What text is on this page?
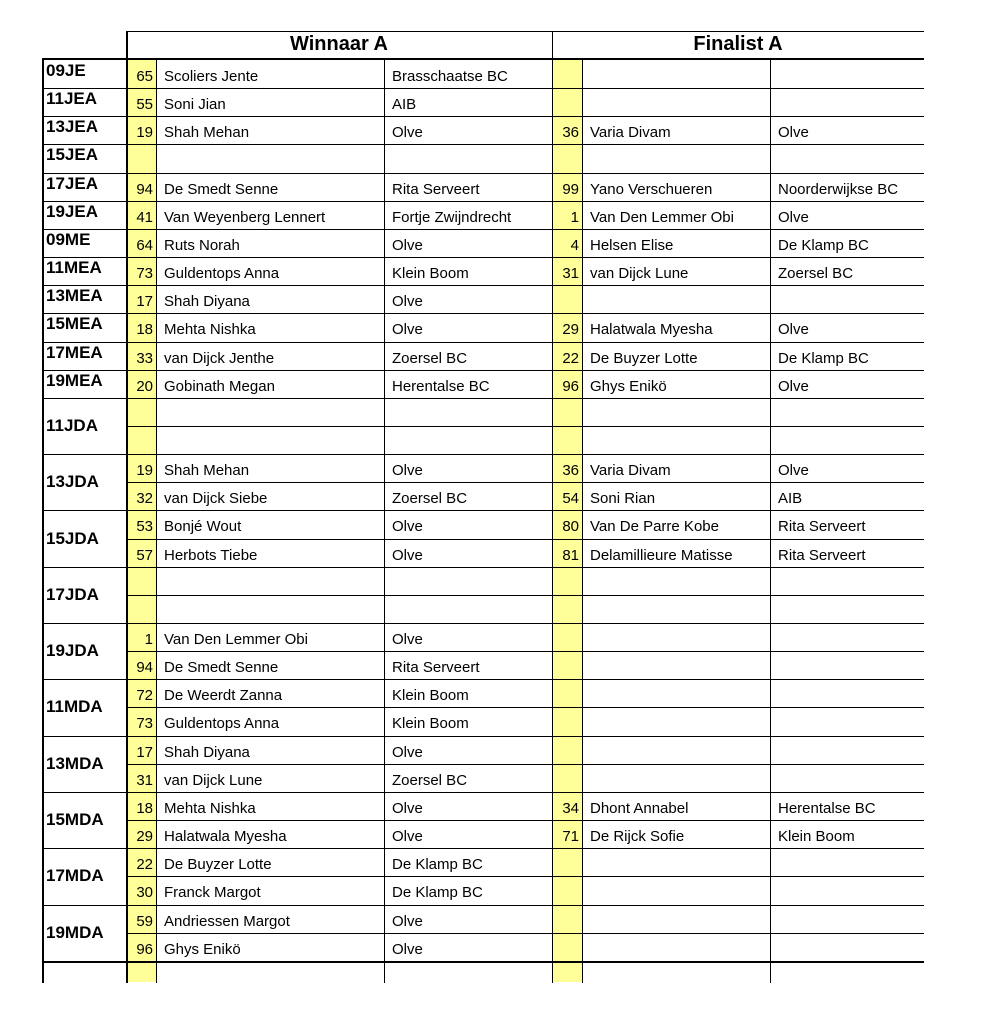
Winnaar A	Finalist A
09JE	65 Scoliers Jente	Brasschaatse BC
11JEA	55 Soni Jian	AIB
13JEA	19 Shah Mehan	Olve	36 Varia Divam	Olve
15JEA
17JEA	94 De Smedt Senne	Rita Serveert	99 Yano Verschueren	Noorderwijkse BC
19JEA	41 Van Weyenberg Lennert	Fortje Zwijndrecht	1 Van Den Lemmer Obi	Olve
09ME	64 Ruts Norah	Olve	4 Helsen Elise	De Klamp BC
11MEA	73 Guldentops Anna	Klein Boom	31 van Dijck Lune	Zoersel BC
13MEA	17 Shah Diyana	Olve
15MEA	18 Mehta Nishka	Olve	29 Halatwala Myesha	Olve
17MEA	33 van Dijck Jenthe	Zoersel BC	22 De Buyzer Lotte	De Klamp BC
19MEA	20 Gobinath Megan	Herentalse BC	96 Ghys Enikö	Olve
11JDA
13JDA
19 Shah Mehan	Olve	36 Varia Divam	Olve
32 van Dijck Siebe	Zoersel BC	54 Soni Rian	AIB
15JDA
53 Bonjé Wout	Olve	80 Van De Parre Kobe	Rita Serveert
57 Herbots Tiebe	Olve	81 Delamillieure Matisse	Rita Serveert
17JDA
19JDA
1 Van Den Lemmer Obi	Olve
94 De Smedt Senne	Rita Serveert
11MDA
72 De Weerdt Zanna	Klein Boom
73 Guldentops Anna	Klein Boom
13MDA
17 Shah Diyana	Olve
31 van Dijck Lune	Zoersel BC
15MDA
18 Mehta Nishka	Olve	34 Dhont Annabel	Herentalse BC
29 Halatwala Myesha	Olve	71 De Rijck Sofie	Klein Boom
17MDA
22 De Buyzer Lotte	De Klamp BC
30 Franck Margot	De Klamp BC
19MDA
59 Andriessen Margot	Olve
96 Ghys Enikö	Olve
